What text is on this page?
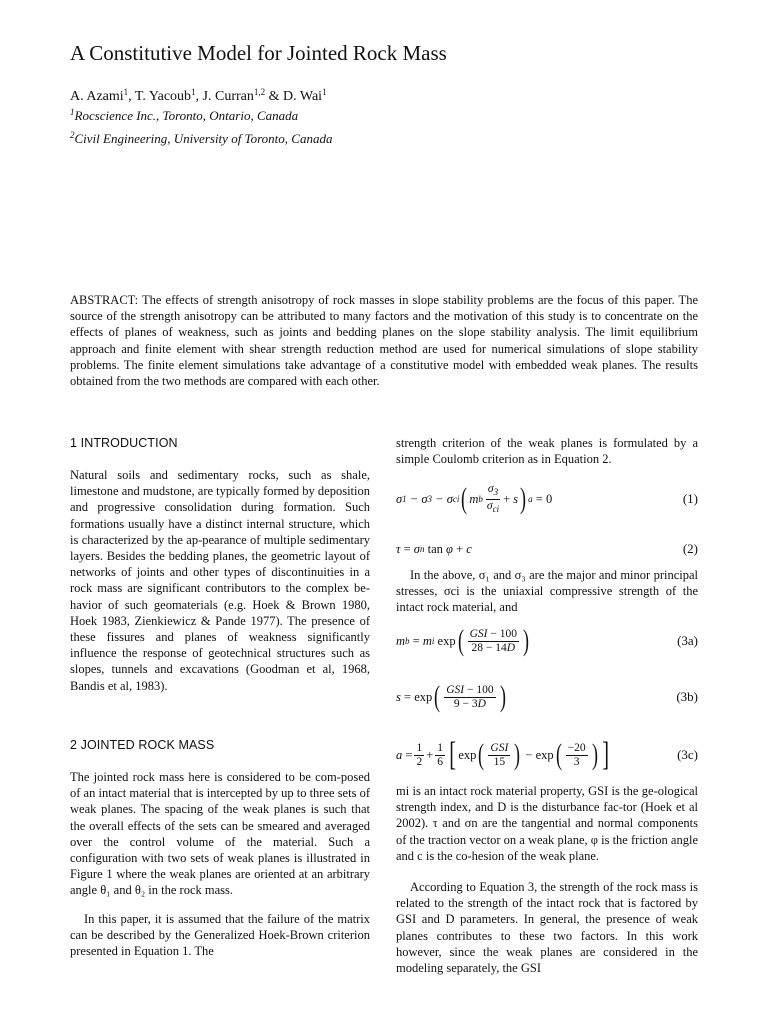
A Constitutive Model for Jointed Rock Mass
A. Azami$^1$, T. Yacoub$^1$, J. Curran$^{1,2}$ & D. Wai$^1$
$^1$Rocscience Inc., Toronto, Ontario, Canada
$^2$Civil Engineering, University of Toronto, Canada
ABSTRACT: The effects of strength anisotropy of rock masses in slope stability problems are the focus of this paper. The source of the strength anisotropy can be attributed to many factors and the motivation of this study is to concentrate on the effects of planes of weakness, such as joints and bedding planes on the slope stability analysis. The limit equilibrium approach and finite element with shear strength reduction method are used for numerical simulations of slope stability problems. The finite element simulations take advantage of a constitutive model with embedded weak planes. The results obtained from the two methods are compared with each other.
1 INTRODUCTION
Natural soils and sedimentary rocks, such as shale, limestone and mudstone, are typically formed by deposition and progressive consolidation during formation. Such formations usually have a distinct internal structure, which is characterized by the ap-pearance of multiple sedimentary layers. Besides the bedding planes, the geometric layout of networks of joints and other types of discontinuities in a rock mass are significant contributors to the complex be-havior of such geomaterials (e.g. Hoek & Brown 1980, Hoek 1983, Zienkiewicz & Pande 1977). The presence of these fissures and planes of weakness significantly influence the response of geotechnical structures such as slopes, tunnels and excavations (Goodman et al, 1968, Bandis et al, 1983).
2 JOINTED ROCK MASS
The jointed rock mass here is considered to be com-posed of an intact material that is intercepted by up to three sets of weak planes. The spacing of the weak planes is such that the overall effects of the sets can be smeared and averaged over the control volume of the material. Such a configuration with two sets of weak planes is illustrated in Figure 1 where the weak planes are oriented at an arbitrary angle θ₁ and θ₂ in the rock mass.
In this paper, it is assumed that the failure of the matrix can be described by the Generalized Hoek-Brown criterion presented in Equation 1. The
strength criterion of the weak planes is formulated by a simple Coulomb criterion as in Equation 2.
σ 1 − σ 3 − σ ci ( m b $\frac{\sigma_3}{\sigma_{ci}} + s$ ) a = 0	(1)
τ = σ n
tan φ + c	(2)
In the above, σ₁ and σ₃ are the major and minor principal stresses, σci is the uniaxial compressive strength of the intact rock material, and
m b
= m i
exp ( $\frac{\text{GSI − 100}}{28 - 14D}$ )	(3a)
s =
exp ( $\frac{\text{GSI − 100}}{9 - 3D}$ )	(3b)
$a = \frac{1}{2} + \frac{1}{6}$ [ exp ( $\frac{\text{GSI}}{15}$ ) − exp ( $\frac{-20}{3}$ ) ]	(3c)
mi is an intact rock material property, GSI is the ge-ological strength index, and D is the disturbance fac-tor (Hoek et al 2002). τ and σn are the tangential and normal components of the traction vector on a weak plane, φ is the friction angle and c is the co-hesion of the weak plane.
According to Equation 3, the strength of the rock mass is related to the strength of the intact rock that is factored by GSI and D parameters. In general, the presence of weak planes contributes to these two factors. In this work however, since the weak planes are considered in the modeling separately, the GSI
